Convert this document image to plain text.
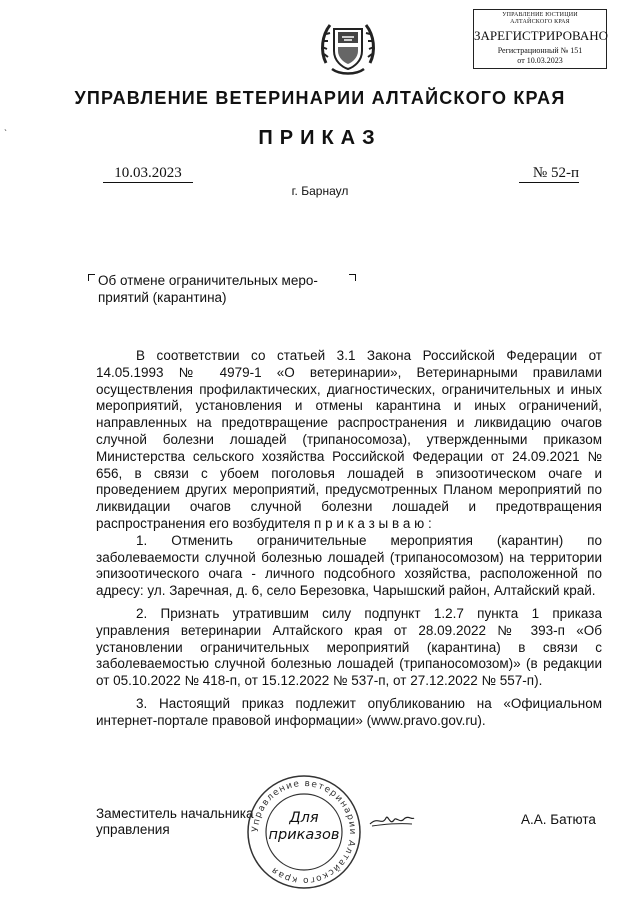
УПРАВЛЕНИЕ ЮСТИЦИИ
АЛТАЙСКОГО КРАЯ
ЗАРЕГИСТРИРОВАНО
Регистрационный № 151
от 10.03.2023
`
УПРАВЛЕНИЕ ВЕТЕРИНАРИИ АЛТАЙСКОГО КРАЯ
ПРИКАЗ
10.03.2023	№ 52-п
г. Барнаул
Об отмене ограничительных меро-
приятий (карантина)

В соответствии со статьей 3.1 Закона Российской Федерации от 14.05.1993 № 4979-1 «О ветеринарии», Ветеринарными правилами осуществления профилактических, диагностических, ограничительных и иных мероприятий, установления и отмены карантина и иных ограничений, направленных на предотвращение распространения и ликвидацию очагов случной болезни лошадей (трипаносомоза), утвержденными приказом Министерства сельского хозяйства Российской Федерации от 24.09.2021 № 656, в связи с убоем поголовья лошадей в эпизоотическом очаге и проведением других мероприятий, предусмотренных Планом мероприятий по ликвидации очагов случной болезни лошадей и предотвращения распространения его возбудителя п р и к а з ы в а ю :

1. Отменить ограничительные мероприятия (карантин) по заболеваемости случной болезнью лошадей (трипаносомозом) на территории эпизоотического очага - личного подсобного хозяйства, расположенной по адресу: ул. Заречная, д. 6, село Березовка, Чарышский район, Алтайский край.

2. Признать утратившим силу подпункт 1.2.7 пункта 1 приказа управления ветеринарии Алтайского края от 28.09.2022 № 393-п «Об установлении ограничительных мероприятий (карантина) в связи с заболеваемостью случной болезнью лошадей (трипаносомозом)» (в редакции от 05.10.2022 № 418-п, от 15.12.2022 № 537-п, от 27.12.2022 № 557-п).

3. Настоящий приказ подлежит опубликованию на «Официальном интернет-портале правовой информации» (www.pravo.gov.ru).

Заместитель начальника
управления	Управление ветеринарии Алтайского края
Для
приказов
А.А. Батюта
